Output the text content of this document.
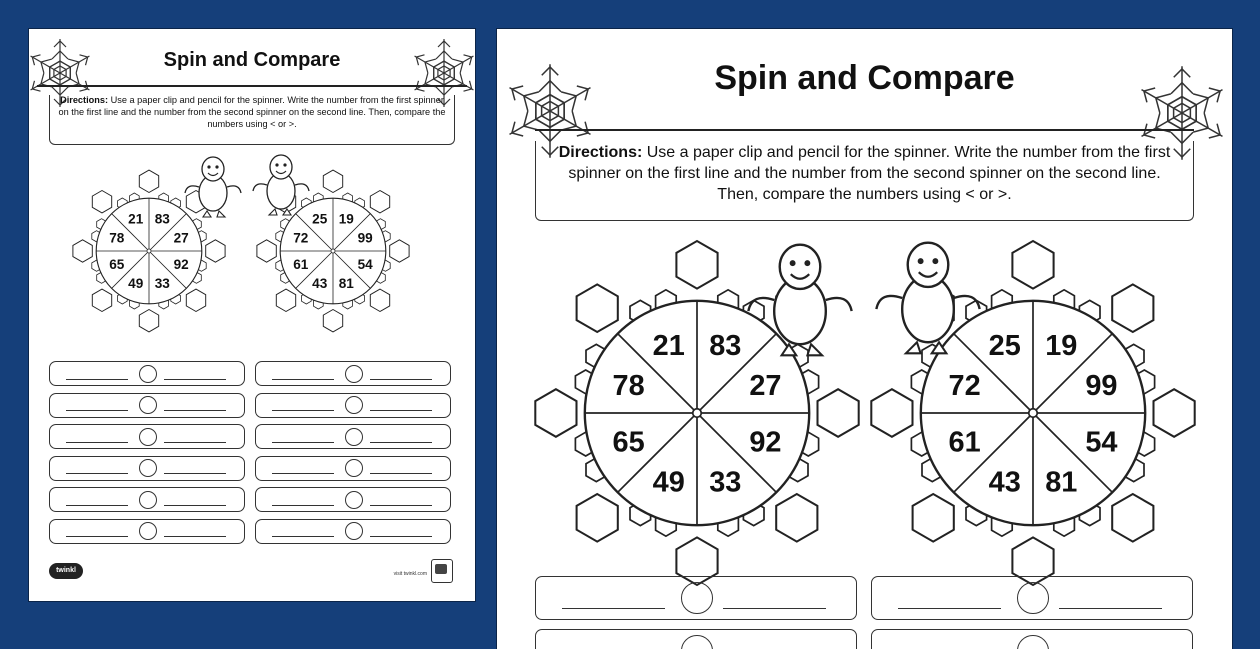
Spin and Compare
Directions: Use a paper clip and pencil for the spinner. Write the number from the first spinner on the first line and the number from the second spinner on the second line. Then, compare the numbers using < or >.
83
27
92
33
49
65
78
21	19
99
54
81
43
61
72
25
twinkl	visit twinkl.com
Spin and Compare
Directions: Use a paper clip and pencil for the spinner. Write the number from the first spinner on the first line and the number from the second spinner on the second line. Then, compare the numbers using < or >.
83
27
92
33
49
65
78
21	19
99
54
81
43
61
72
25
